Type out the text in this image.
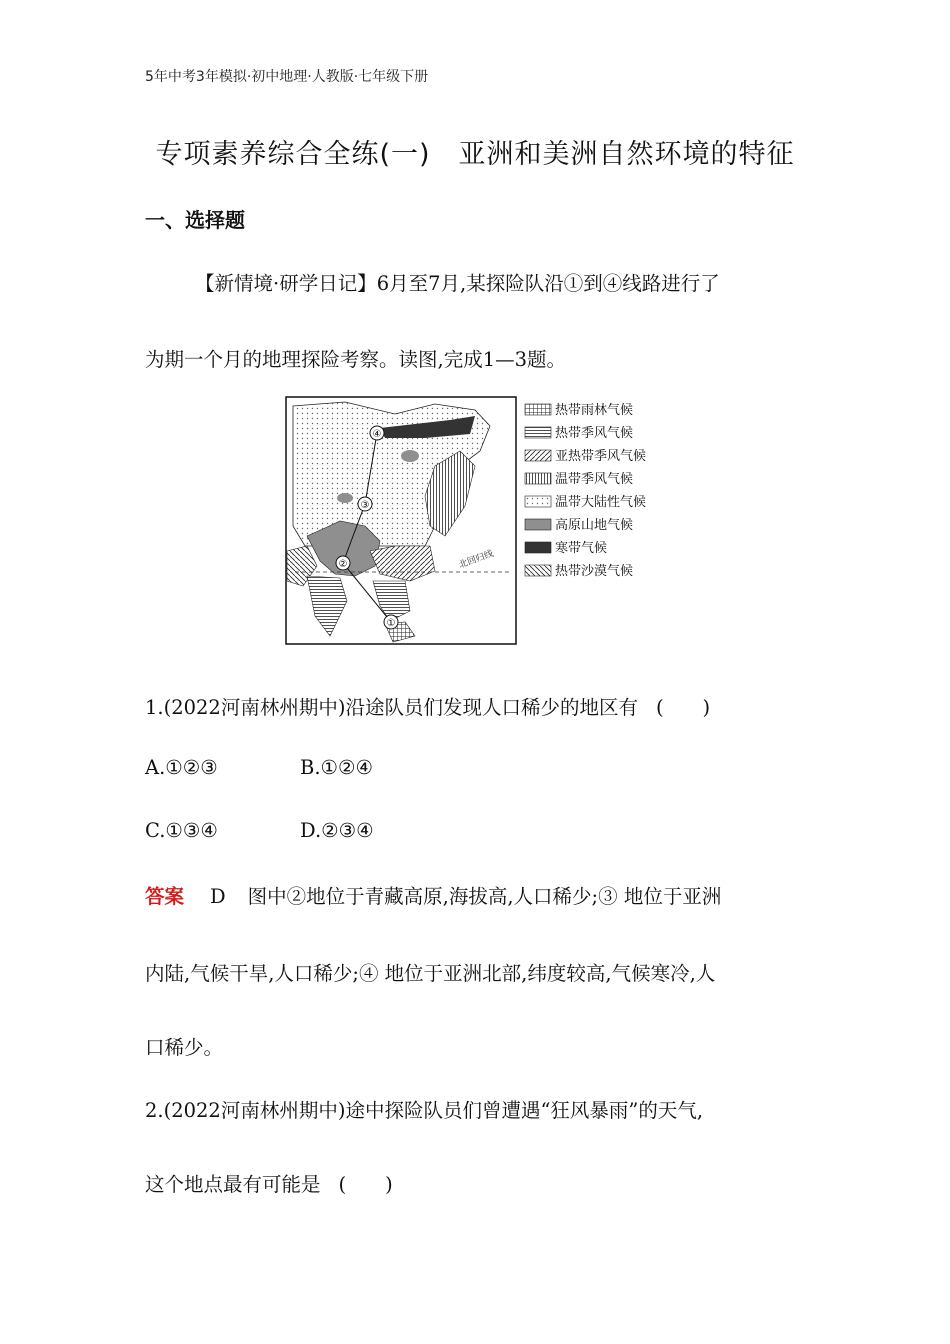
5年中考3年模拟·初中地理·人教版·七年级下册
专项素养综合全练(一)　亚洲和美洲自然环境的特征
一、选择题
【新情境·研学日记】6月至7月,某探险队沿①到④线路进行了
为期一个月的地理探险考察。读图,完成1—3题。
北回归线
①
②
③
④
热带雨林气候
热带季风气候
亚热带季风气候
温带季风气候
温带大陆性气候
高原山地气候
寒带气候
热带沙漠气候
1.(2022河南林州期中)沿途队员们发现人口稀少的地区有 (　　)
A.①②③	B.①②④
C.①③④	D.②③④
答案 D 图中②地位于青藏高原,海拔高,人口稀少;③ 地位于亚洲
内陆,气候干旱,人口稀少;④ 地位于亚洲北部,纬度较高,气候寒冷,人
口稀少。
2.(2022河南林州期中)途中探险队员们曾遭遇“狂风暴雨”的天气,
这个地点最有可能是 (　　)
